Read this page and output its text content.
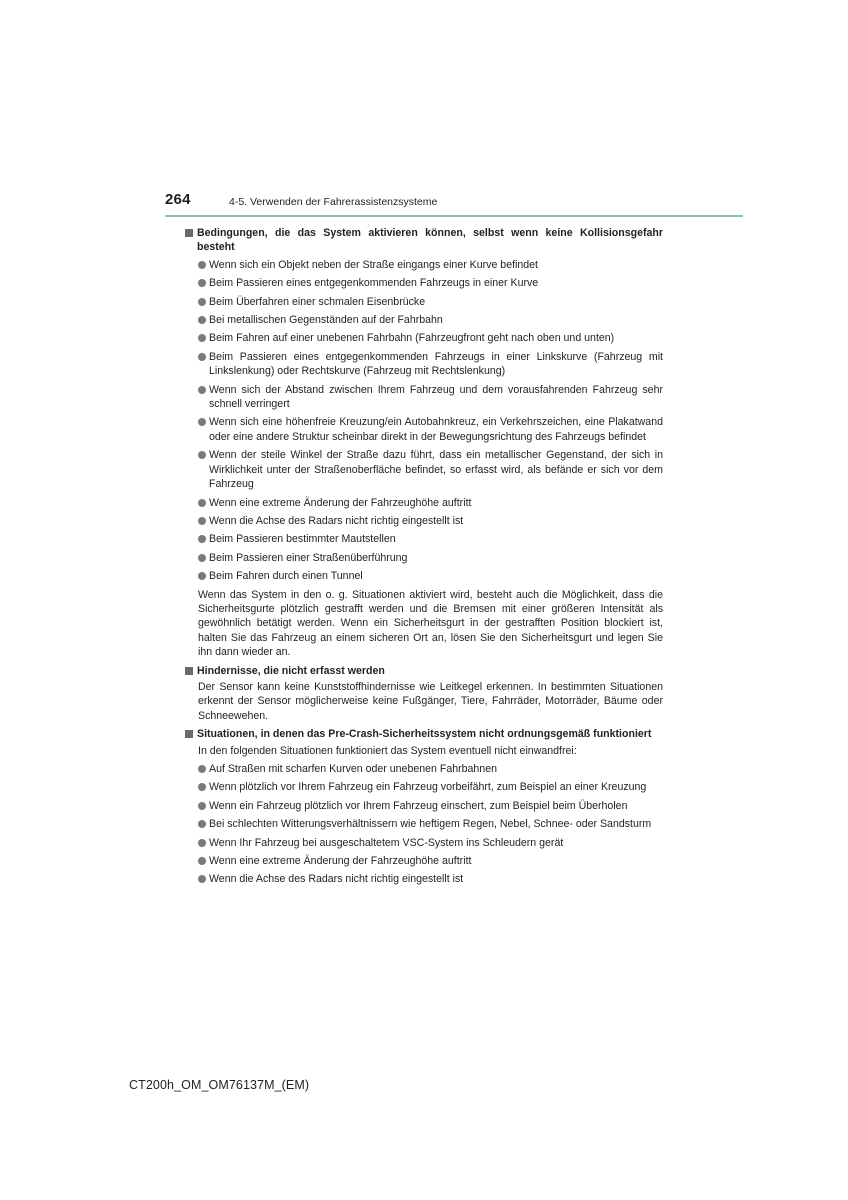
264	4-5. Verwenden der Fahrerassistenzsysteme
Bedingungen, die das System aktivieren können, selbst wenn keine Kollisionsgefahr besteht
Wenn sich ein Objekt neben der Straße eingangs einer Kurve befindet
Beim Passieren eines entgegenkommenden Fahrzeugs in einer Kurve
Beim Überfahren einer schmalen Eisenbrücke
Bei metallischen Gegenständen auf der Fahrbahn
Beim Fahren auf einer unebenen Fahrbahn (Fahrzeugfront geht nach oben und unten)
Beim Passieren eines entgegenkommenden Fahrzeugs in einer Linkskurve (Fahrzeug mit Linkslenkung) oder Rechtskurve (Fahrzeug mit Rechtslenkung)
Wenn sich der Abstand zwischen Ihrem Fahrzeug und dem vorausfahrenden Fahrzeug sehr schnell verringert
Wenn sich eine höhenfreie Kreuzung/ein Autobahnkreuz, ein Verkehrszeichen, eine Plakatwand oder eine andere Struktur scheinbar direkt in der Bewegungsrichtung des Fahrzeugs befindet
Wenn der steile Winkel der Straße dazu führt, dass ein metallischer Gegenstand, der sich in Wirklichkeit unter der Straßenoberfläche befindet, so erfasst wird, als befände er sich vor dem Fahrzeug
Wenn eine extreme Änderung der Fahrzeughöhe auftritt
Wenn die Achse des Radars nicht richtig eingestellt ist
Beim Passieren bestimmter Mautstellen
Beim Passieren einer Straßenüberführung
Beim Fahren durch einen Tunnel
Wenn das System in den o. g. Situationen aktiviert wird, besteht auch die Möglichkeit, dass die Sicherheitsgurte plötzlich gestrafft werden und die Bremsen mit einer größeren Intensität als gewöhnlich betätigt werden. Wenn ein Sicherheitsgurt in der gestrafften Position blockiert ist, halten Sie das Fahrzeug an einem sicheren Ort an, lösen Sie den Sicherheitsgurt und legen Sie ihn dann wieder an.
Hindernisse, die nicht erfasst werden
Der Sensor kann keine Kunststoffhindernisse wie Leitkegel erkennen. In bestimmten Situationen erkennt der Sensor möglicherweise keine Fußgänger, Tiere, Fahrräder, Motorräder, Bäume oder Schneewehen.
Situationen, in denen das Pre-Crash-Sicherheitssystem nicht ordnungsgemäß funktioniert
In den folgenden Situationen funktioniert das System eventuell nicht einwandfrei:
Auf Straßen mit scharfen Kurven oder unebenen Fahrbahnen
Wenn plötzlich vor Ihrem Fahrzeug ein Fahrzeug vorbeifährt, zum Beispiel an einer Kreuzung
Wenn ein Fahrzeug plötzlich vor Ihrem Fahrzeug einschert, zum Beispiel beim Überholen
Bei schlechten Witterungsverhältnissern wie heftigem Regen, Nebel, Schnee- oder Sandsturm
Wenn Ihr Fahrzeug bei ausgeschaltetem VSC-System ins Schleudern gerät
Wenn eine extreme Änderung der Fahrzeughöhe auftritt
Wenn die Achse des Radars nicht richtig eingestellt ist
CT200h_OM_OM76137M_(EM)
